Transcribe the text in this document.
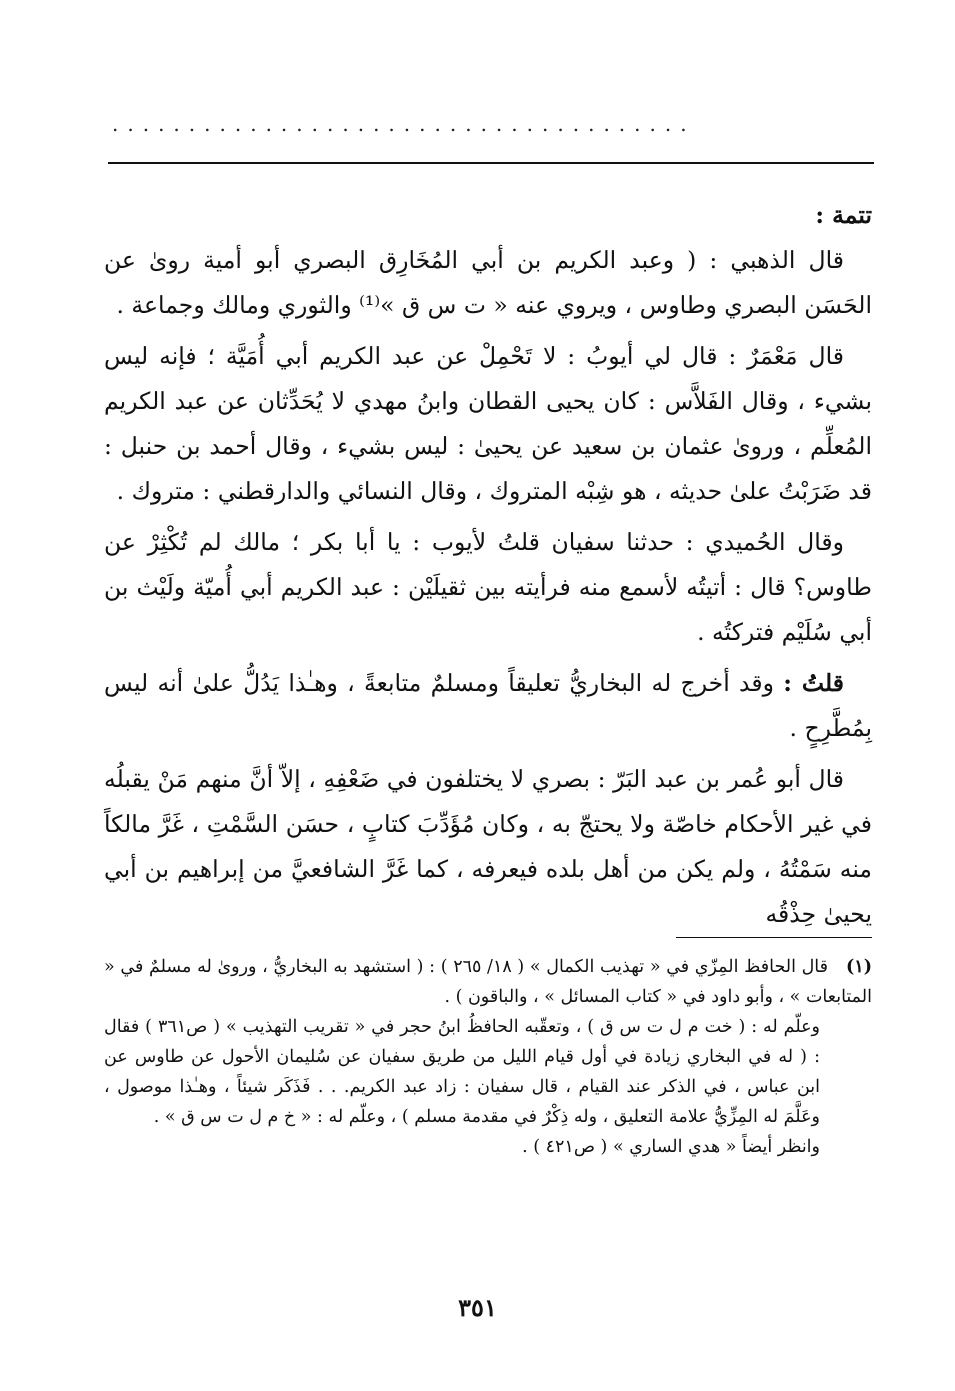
......................................

تتمة :

قال الذهبي : ( وعبد الكريم بن أبي المُخَارِق البصري أبو أمية روىٰ عن الحَسَن البصري وطاوس ، ويروي عنه « ت س ق »⁽¹⁾ والثوري ومالك وجماعة .

قال مَعْمَرٌ : قال لي أيوبُ : لا تَحْمِلْ عن عبد الكريم أبي أُمَيَّة ؛ فإنه ليس بشيء ، وقال الفَلاَّس : كان يحيى القطان وابنُ مهدي لا يُحَدِّثان عن عبد الكريم المُعلِّم ، وروىٰ عثمان بن سعيد عن يحيىٰ : ليس بشيء ، وقال أحمد بن حنبل : قد ضَرَبْتُ علىٰ حديثه ، هو شِبْه المتروك ، وقال النسائي والدارقطني : متروك .

وقال الحُميدي : حدثنا سفيان قلتُ لأيوب : يا أبا بكر ؛ مالك لم تُكْثِرْ عن طاوس؟ قال : أتيتُه لأسمع منه فرأيته بين ثقيلَيْن : عبد الكريم أبي أُميّة ولَيْث بن أبي سُلَيْم فتركتُه .

قلتُ : وقد أخرج له البخاريُّ تعليقاً ومسلمٌ متابعةً ، وهـٰذا يَدُلُّ علىٰ أنه ليس بِمُطَّرِحٍ .

قال أبو عُمر بن عبد البَرّ : بصري لا يختلفون في ضَعْفِهِ ، إلاّ أنَّ منهم مَنْ يقبلُه في غير الأحكام خاصّة ولا يحتجّ به ، وكان مُؤَدِّبَ كتابٍ ، حسَن السَّمْتِ ، غَرَّ مالكاً منه سَمْتُهُ ، ولم يكن من أهل بلده فيعرفه ، كما غَرَّ الشافعيَّ من إبراهيم بن أبي يحيىٰ حِذْقُه

(١)قال الحافظ المِزّي في « تهذيب الكمال » ( ١٨/ ٢٦٥ ) : ( استشهد به البخاريُّ ، وروىٰ له مسلمٌ في « المتابعات » ، وأبو داود في « كتاب المسائل » ، والباقون ) .

وعلّم له : ( خت م ل ت س ق ) ، وتعقّبه الحافظُ ابنُ حجر في « تقريب التهذيب » ( ص٣٦١ ) فقال : ( له في البخاري زيادة في أول قيام الليل من طريق سفيان عن سُليمان الأحول عن طاوس عن ابن عباس ، في الذكر عند القيام ، قال سفيان : زاد عبد الكريم. . . فَذَكَر شيئاً ، وهـٰذا موصول ، وعَلَّمَ له المِزِّيُّ علامة التعليق ، وله ذِكْرٌ في مقدمة مسلم ) ، وعلّم له : « خ م ل ت س ق » .

وانظر أيضاً « هدي الساري » ( ص٤٢١ ) .

٣٥١
